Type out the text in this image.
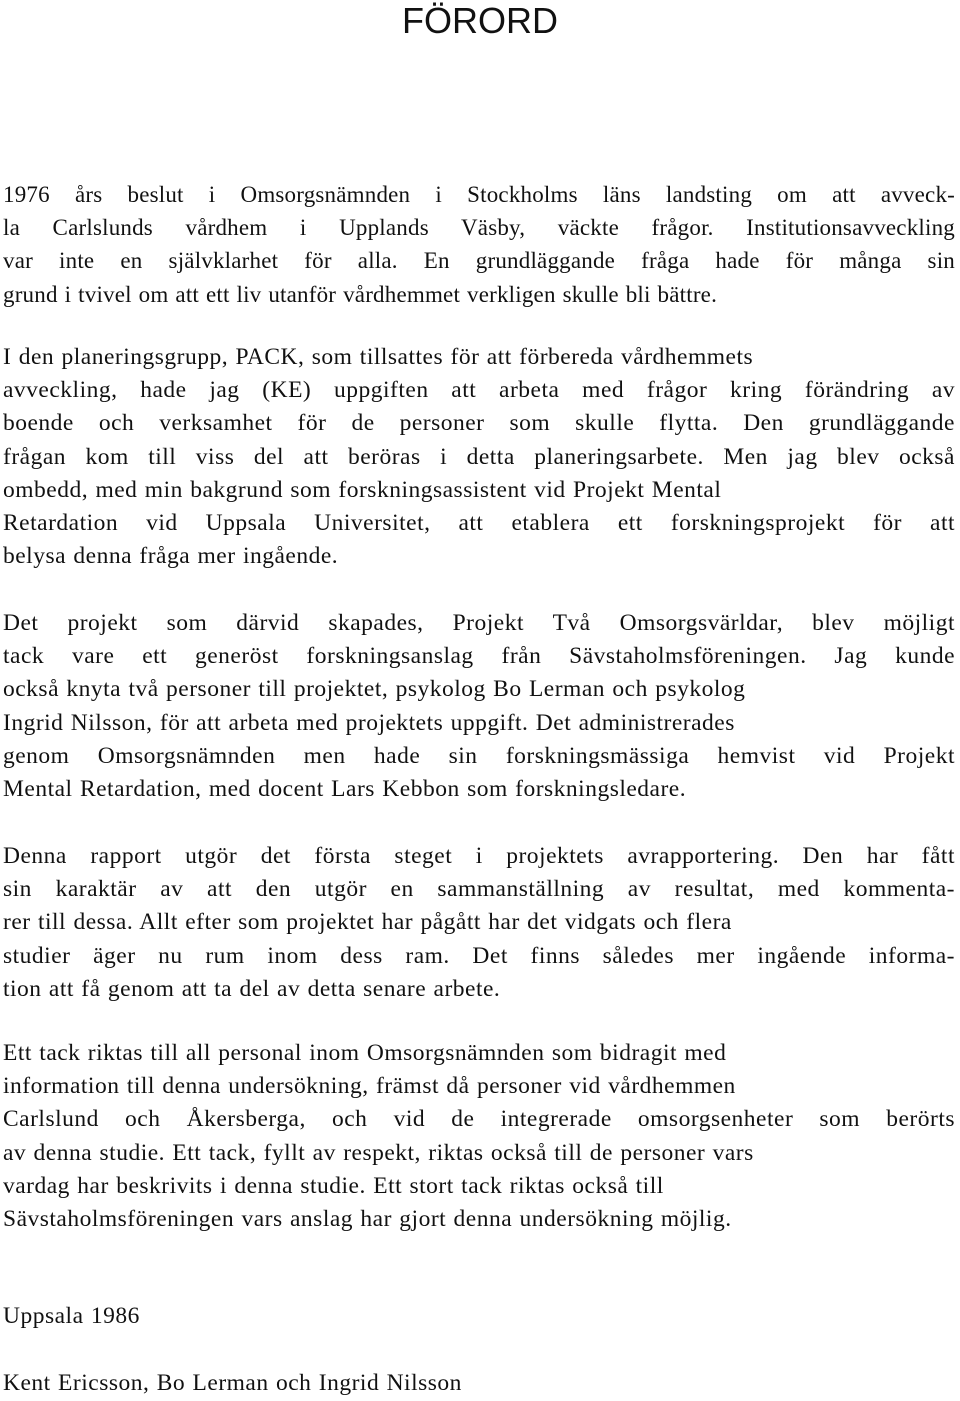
FÖRORD

1976 års beslut i Omsorgsnämnden i Stockholms läns landsting om att avveck-
la Carlslunds vårdhem i Upplands Väsby, väckte frågor. Institutionsavveckling
var inte en självklarhet för alla. En grundläggande fråga hade för många sin
grund i tvivel om att ett liv utanför vårdhemmet verkligen skulle bli bättre.

I den planeringsgrupp, PACK, som tillsattes för att förbereda vårdhemmets
avveckling, hade jag (KE) uppgiften att arbeta med frågor kring förändring av
boende och verksamhet för de personer som skulle flytta. Den grundläggande
frågan kom till viss del att beröras i detta planeringsarbete. Men jag blev också
ombedd, med min bakgrund som forskningsassistent vid Projekt Mental
Retardation vid Uppsala Universitet, att etablera ett forskningsprojekt för att
belysa denna fråga mer ingående.

Det projekt som därvid skapades, Projekt Två Omsorgsvärldar, blev möjligt
tack vare ett generöst forskningsanslag från Sävstaholmsföreningen. Jag kunde
också knyta två personer till projektet, psykolog Bo Lerman och psykolog
Ingrid Nilsson, för att arbeta med projektets uppgift. Det administrerades
genom Omsorgsnämnden men hade sin forskningsmässiga hemvist vid Projekt
Mental Retardation, med docent Lars Kebbon som forskningsledare.

Denna rapport utgör det första steget i projektets avrapportering. Den har fått
sin karaktär av att den utgör en sammanställning av resultat, med kommenta-
rer till dessa. Allt efter som projektet har pågått har det vidgats och flera
studier äger nu rum inom dess ram. Det finns således mer ingående informa-
tion att få genom att ta del av detta senare arbete.

Ett tack riktas till all personal inom Omsorgsnämnden som bidragit med
information till denna undersökning, främst då personer vid vårdhemmen
Carlslund och Åkersberga, och vid de integrerade omsorgsenheter som berörts
av denna studie. Ett tack, fyllt av respekt, riktas också till de personer vars
vardag har beskrivits i denna studie. Ett stort tack riktas också till
Sävstaholmsföreningen vars anslag har gjort denna undersökning möjlig.

Uppsala 1986

Kent Ericsson, Bo Lerman och Ingrid Nilsson
